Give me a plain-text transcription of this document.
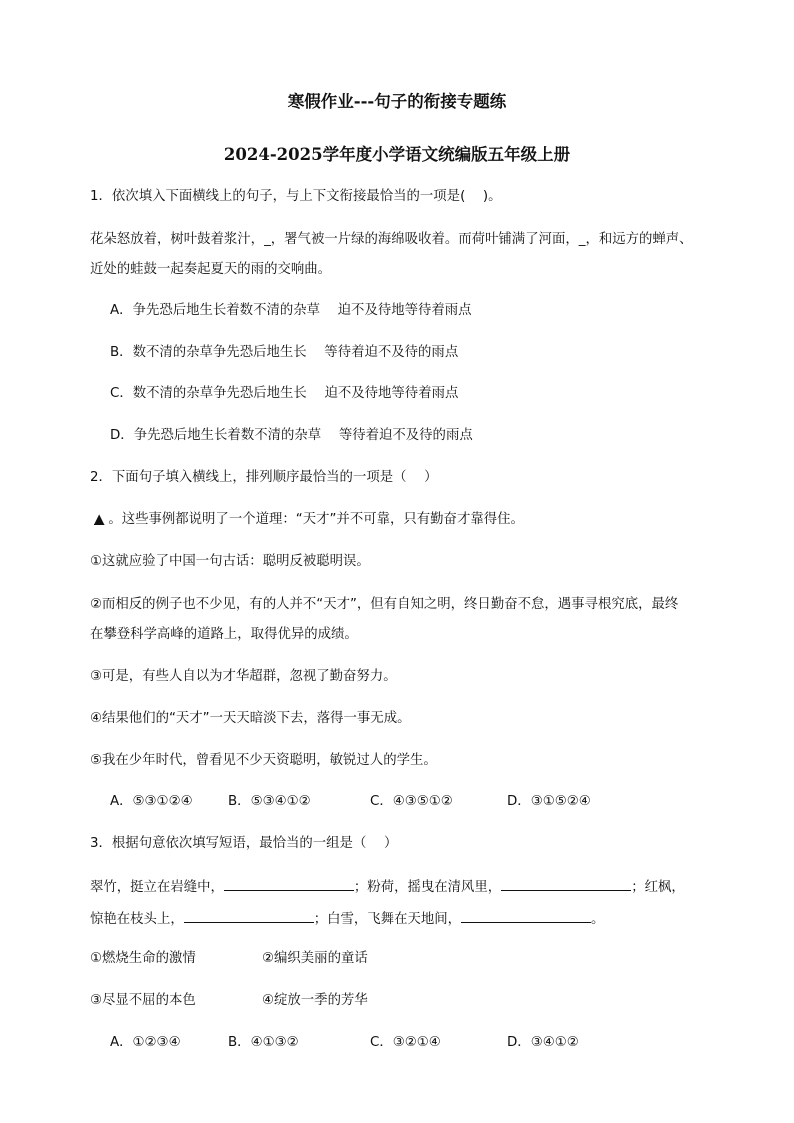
寒假作业---句子的衔接专题练
2024-2025学年度小学语文统编版五年级上册
1．依次填入下面横线上的句子，与上下文衔接最恰当的一项是(　 )。
花朵怒放着，树叶鼓着浆汁，_，署气被一片绿的海绵吸收着。而荷叶铺满了河面，_，和远方的蝉声、
近处的蛙鼓一起奏起夏天的雨的交响曲。
A．争先恐后地生长着数不清的杂草　 迫不及待地等待着雨点
B．数不清的杂草争先恐后地生长　 等待着迫不及待的雨点
C．数不清的杂草争先恐后地生长　 迫不及待地等待着雨点
D．争先恐后地生长着数不清的杂草　 等待着迫不及待的雨点
2．下面句子填入横线上，排列顺序最恰当的一项是（　 ）
▲ 。这些事例都说明了一个道理：“天才”并不可靠，只有勤奋才靠得住。
①这就应验了中国一句古话：聪明反被聪明误。
②而相反的例子也不少见，有的人并不“天才”，但有自知之明，终日勤奋不怠，遇事寻根究底，最终
在攀登科学高峰的道路上，取得优异的成绩。
③可是，有些人自以为才华超群，忽视了勤奋努力。
④结果他们的“天才”一天天暗淡下去，落得一事无成。
⑤我在少年时代，曾看见不少天资聪明，敏锐过人的学生。
A．⑤③①②④	B．⑤③④①②	C．④③⑤①②	D．③①⑤②④
3．根据句意依次填写短语，最恰当的一组是（　 ）
翠竹，挺立在岩缝中，	；粉荷，摇曳在清风里，	；红枫，
惊艳在枝头上，	；白雪，飞舞在天地间，	。
①燃烧生命的激情	②编织美丽的童话
③尽显不屈的本色	④绽放一季的芳华
A．①②③④	B．④①③②	C．③②①④	D．③④①②
